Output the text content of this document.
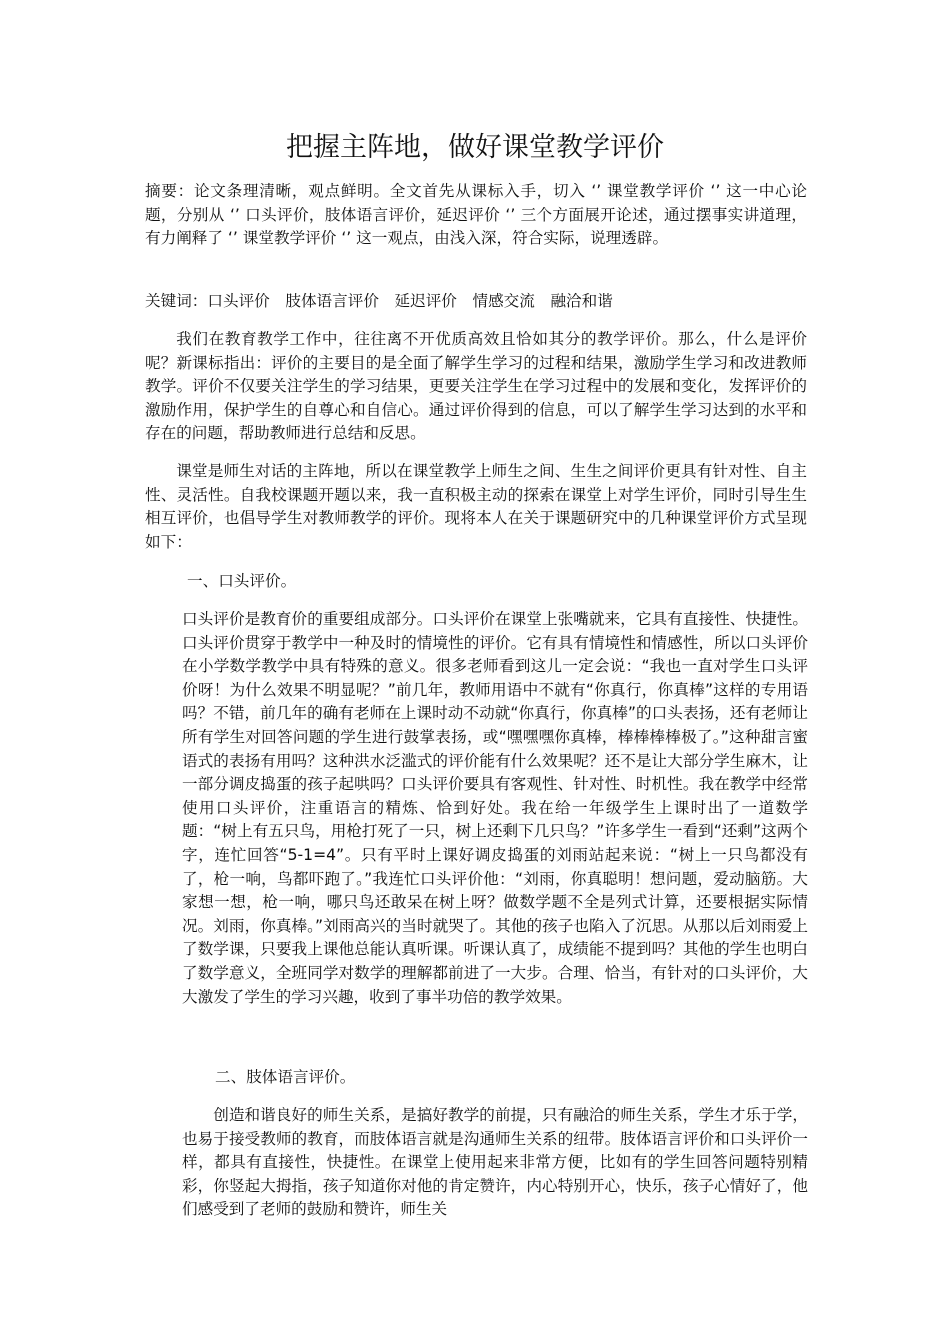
把握主阵地，做好课堂教学评价

摘要：论文条理清晰，观点鲜明。全文首先从课标入手，切入 ‘’ 课堂教学评价 ‘’ 这一中心论题，分别从 ‘’ 口头评价，肢体语言评价，延迟评价 ‘’ 三个方面展开论述，通过摆事实讲道理，有力阐释了 ‘’ 课堂教学评价 ‘’ 这一观点，由浅入深，符合实际，说理透辟。

关键词：口头评价　肢体语言评价　延迟评价　情感交流　融洽和谐

我们在教育教学工作中，往往离不开优质高效且恰如其分的教学评价。那么，什么是评价呢？新课标指出：评价的主要目的是全面了解学生学习的过程和结果，激励学生学习和改进教师教学。评价不仅要关注学生的学习结果，更要关注学生在学习过程中的发展和变化，发挥评价的激励作用，保护学生的自尊心和自信心。通过评价得到的信息，可以了解学生学习达到的水平和存在的问题，帮助教师进行总结和反思。

课堂是师生对话的主阵地，所以在课堂教学上师生之间、生生之间评价更具有针对性、自主性、灵活性。自我校课题开题以来，我一直积极主动的探索在课堂上对学生评价，同时引导生生相互评价，也倡导学生对教师教学的评价。现将本人在关于课题研究中的几种课堂评价方式呈现如下：

一、口头评价。

口头评价是教育价的重要组成部分。口头评价在课堂上张嘴就来，它具有直接性、快捷性。口头评价贯穿于教学中一种及时的情境性的评价。它有具有情境性和情感性，所以口头评价在小学数学教学中具有特殊的意义。很多老师看到这儿一定会说：“我也一直对学生口头评价呀！为什么效果不明显呢？”前几年，教师用语中不就有“你真行，你真棒”这样的专用语吗？不错，前几年的确有老师在上课时动不动就“你真行，你真棒”的口头表扬，还有老师让所有学生对回答问题的学生进行鼓掌表扬，或“嘿嘿嘿你真棒，棒棒棒棒极了。”这种甜言蜜语式的表扬有用吗？这种洪水泛滥式的评价能有什么效果呢？还不是让大部分学生麻木，让一部分调皮捣蛋的孩子起哄吗？口头评价要具有客观性、针对性、时机性。我在教学中经常使用口头评价，注重语言的精炼、恰到好处。我在给一年级学生上课时出了一道数学题：“树上有五只鸟，用枪打死了一只，树上还剩下几只鸟？”许多学生一看到“还剩”这两个字，连忙回答“5-1=4”。只有平时上课好调皮捣蛋的刘雨站起来说：“树上一只鸟都没有了，枪一响，鸟都吓跑了。”我连忙口头评价他：“刘雨，你真聪明！想问题，爱动脑筋。大家想一想，枪一响，哪只鸟还敢呆在树上呀？做数学题不全是列式计算，还要根据实际情况。刘雨，你真棒。”刘雨高兴的当时就哭了。其他的孩子也陷入了沉思。从那以后刘雨爱上了数学课，只要我上课他总能认真听课。听课认真了，成绩能不提到吗？其他的学生也明白了数学意义，全班同学对数学的理解都前进了一大步。合理、恰当，有针对的口头评价，大大激发了学生的学习兴趣，收到了事半功倍的教学效果。

二、肢体语言评价。

创造和谐良好的师生关系，是搞好教学的前提，只有融洽的师生关系，学生才乐于学，也易于接受教师的教育，而肢体语言就是沟通师生关系的纽带。肢体语言评价和口头评价一样，都具有直接性，快捷性。在课堂上使用起来非常方便，比如有的学生回答问题特别精彩，你竖起大拇指，孩子知道你对他的肯定赞许，内心特别开心，快乐，孩子心情好了，他们感受到了老师的鼓励和赞许，师生关
